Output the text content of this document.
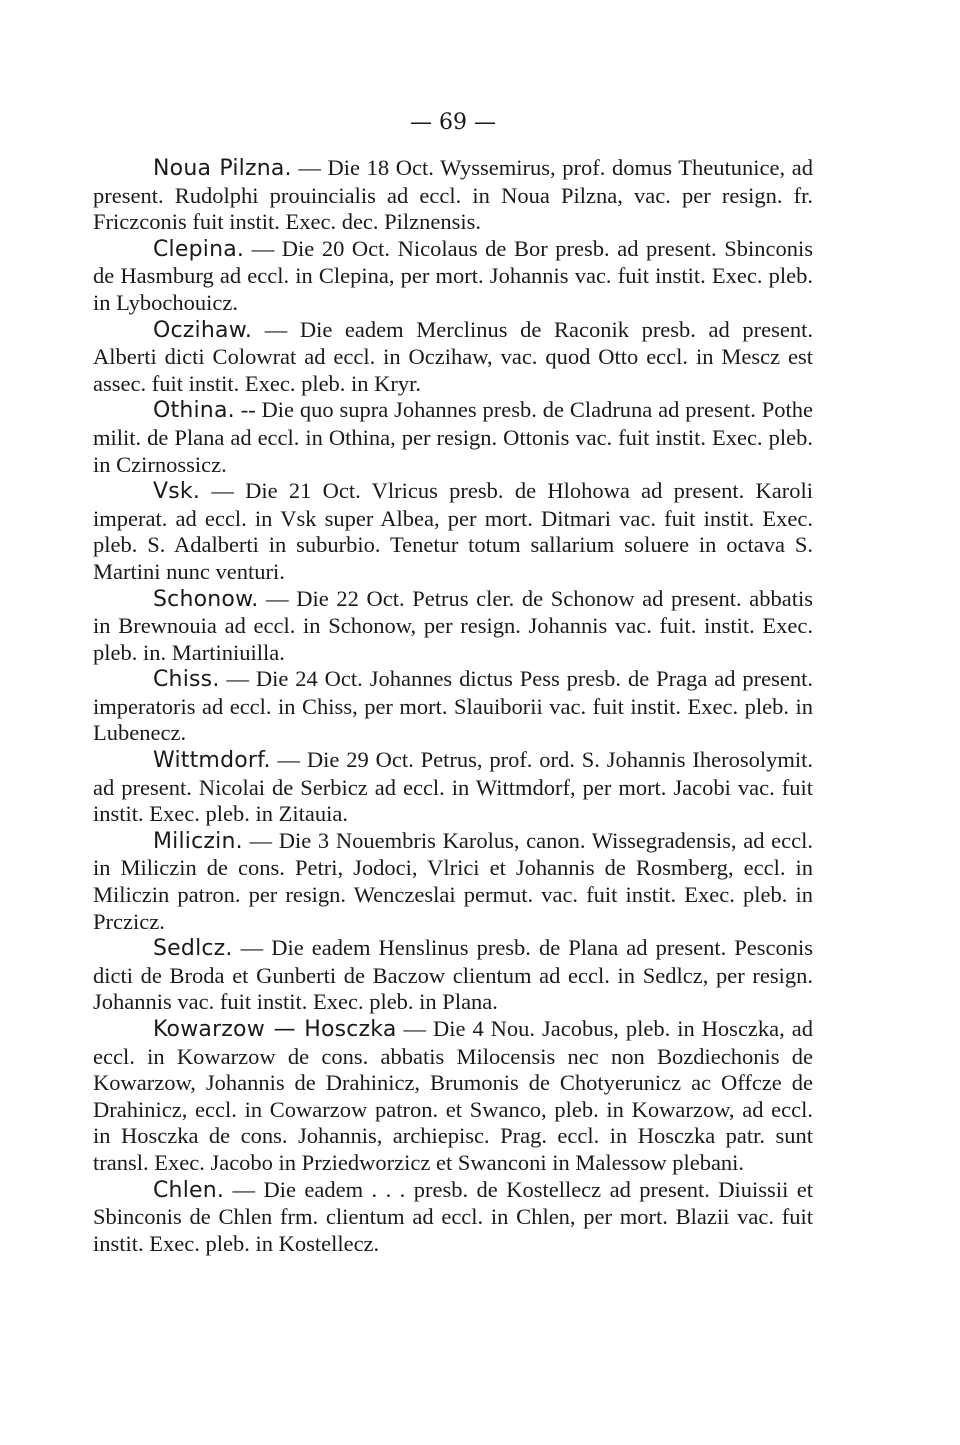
— 69 —

Noua Pilzna. — Die 18 Oct. Wyssemirus, prof. domus Theutunice, ad present. Rudolphi prouincialis ad eccl. in Noua Pilzna, vac. per resign. fr. Friczconis fuit instit. Exec. dec. Pilznensis.

Clepina. — Die 20 Oct. Nicolaus de Bor presb. ad present. Sbinconis de Hasmburg ad eccl. in Clepina, per mort. Johannis vac. fuit instit. Exec. pleb. in Lybochouicz.

Oczihaw. — Die eadem Merclinus de Raconik presb. ad present. Alberti dicti Colowrat ad eccl. in Oczihaw, vac. quod Otto eccl. in Mescz est assec. fuit instit. Exec. pleb. in Kryr.

Othina. -- Die quo supra Johannes presb. de Cladruna ad present. Pothe milit. de Plana ad eccl. in Othina, per resign. Ottonis vac. fuit instit. Exec. pleb. in Czirnossicz.

Vsk. — Die 21 Oct. Vlricus presb. de Hlohowa ad present. Karoli imperat. ad eccl. in Vsk super Albea, per mort. Ditmari vac. fuit instit. Exec. pleb. S. Adalberti in suburbio. Tenetur totum sallarium soluere in octava S. Martini nunc venturi.

Schonow. — Die 22 Oct. Petrus cler. de Schonow ad present. abbatis in Brewnouia ad eccl. in Schonow, per resign. Johannis vac. fuit. instit. Exec. pleb. in. Martiniuilla.

Chiss. — Die 24 Oct. Johannes dictus Pess presb. de Praga ad present. imperatoris ad eccl. in Chiss, per mort. Slauiborii vac. fuit instit. Exec. pleb. in Lubenecz.

Wittmdorf. — Die 29 Oct. Petrus, prof. ord. S. Johannis Iherosolymit. ad present. Nicolai de Serbicz ad eccl. in Wittmdorf, per mort. Jacobi vac. fuit instit. Exec. pleb. in Zitauia.

Miliczin. — Die 3 Nouembris Karolus, canon. Wissegradensis, ad eccl. in Miliczin de cons. Petri, Jodoci, Vlrici et Johannis de Rosmberg, eccl. in Miliczin patron. per resign. Wenczeslai permut. vac. fuit instit. Exec. pleb. in Prczicz.

Sedlcz. — Die eadem Henslinus presb. de Plana ad present. Pesconis dicti de Broda et Gunberti de Baczow clientum ad eccl. in Sedlcz, per resign. Johannis vac. fuit instit. Exec. pleb. in Plana.

Kowarzow — Hosczka — Die 4 Nou. Jacobus, pleb. in Hosczka, ad eccl. in Kowarzow de cons. abbatis Milocensis nec non Bozdiechonis de Kowarzow, Johannis de Drahinicz, Brumonis de Chotyerunicz ac Offcze de Drahinicz, eccl. in Cowarzow patron. et Swanco, pleb. in Kowarzow, ad eccl. in Hosczka de cons. Johannis, archiepisc. Prag. eccl. in Hosczka patr. sunt transl. Exec. Jacobo in Prziedworzicz et Swanconi in Malessow plebani.

Chlen. — Die eadem . . . presb. de Kostellecz ad present. Diuissii et Sbinconis de Chlen frm. clientum ad eccl. in Chlen, per mort. Blazii vac. fuit instit. Exec. pleb. in Kostellecz.
